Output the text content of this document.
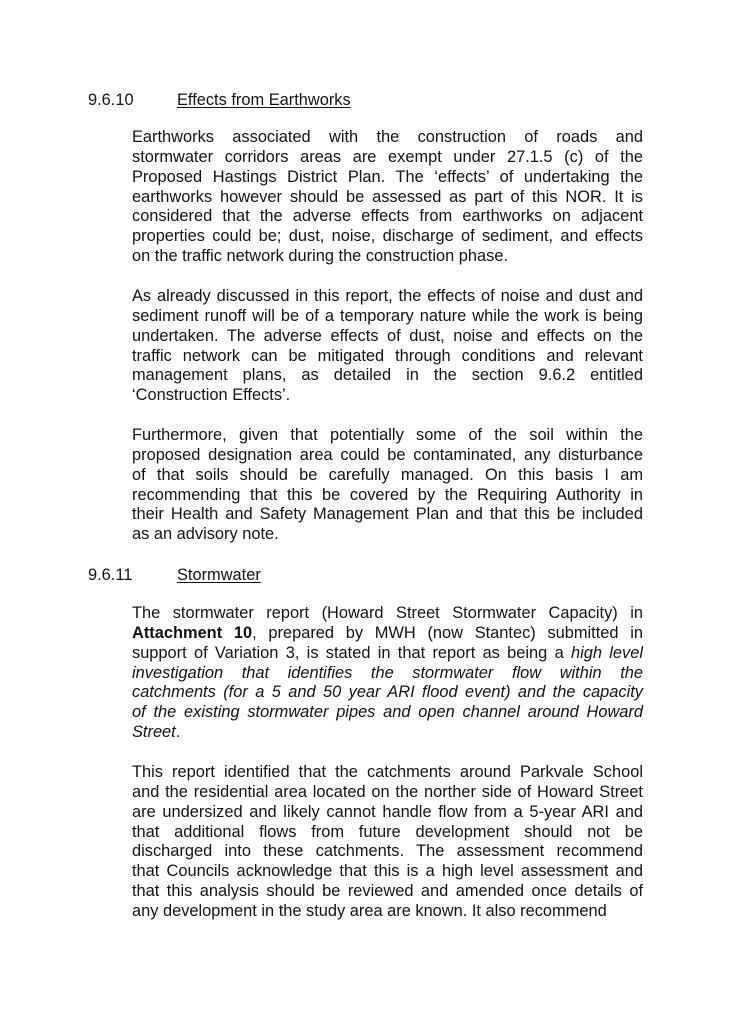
9.6.10	Effects from Earthworks
Earthworks associated with the construction of roads and
stormwater corridors areas are exempt under 27.1.5 (c) of the
Proposed Hastings District Plan. The ‘effects’ of undertaking the
earthworks however should be assessed as part of this NOR. It is
considered that the adverse effects from earthworks on adjacent
properties could be; dust, noise, discharge of sediment, and effects
on the traffic network during the construction phase.
As already discussed in this report, the effects of noise and dust and
sediment runoff will be of a temporary nature while the work is being
undertaken. The adverse effects of dust, noise and effects on the
traffic network can be mitigated through conditions and relevant
management plans, as detailed in the section 9.6.2 entitled
‘Construction Effects’.
Furthermore, given that potentially some of the soil within the
proposed designation area could be contaminated, any disturbance
of that soils should be carefully managed. On this basis I am
recommending that this be covered by the Requiring Authority in
their Health and Safety Management Plan and that this be included
as an advisory note.
9.6.11	Stormwater
The stormwater report (Howard Street Stormwater Capacity) in
Attachment 10, prepared by MWH (now Stantec) submitted in
support of Variation 3, is stated in that report as being a high level
investigation that identifies the stormwater flow within the
catchments (for a 5 and 50 year ARI flood event) and the capacity
of the existing stormwater pipes and open channel around Howard
Street.
This report identified that the catchments around Parkvale School
and the residential area located on the norther side of Howard Street
are undersized and likely cannot handle flow from a 5-year ARI and
that additional flows from future development should not be
discharged into these catchments. The assessment recommend
that Councils acknowledge that this is a high level assessment and
that this analysis should be reviewed and amended once details of
any development in the study area are known. It also recommend
